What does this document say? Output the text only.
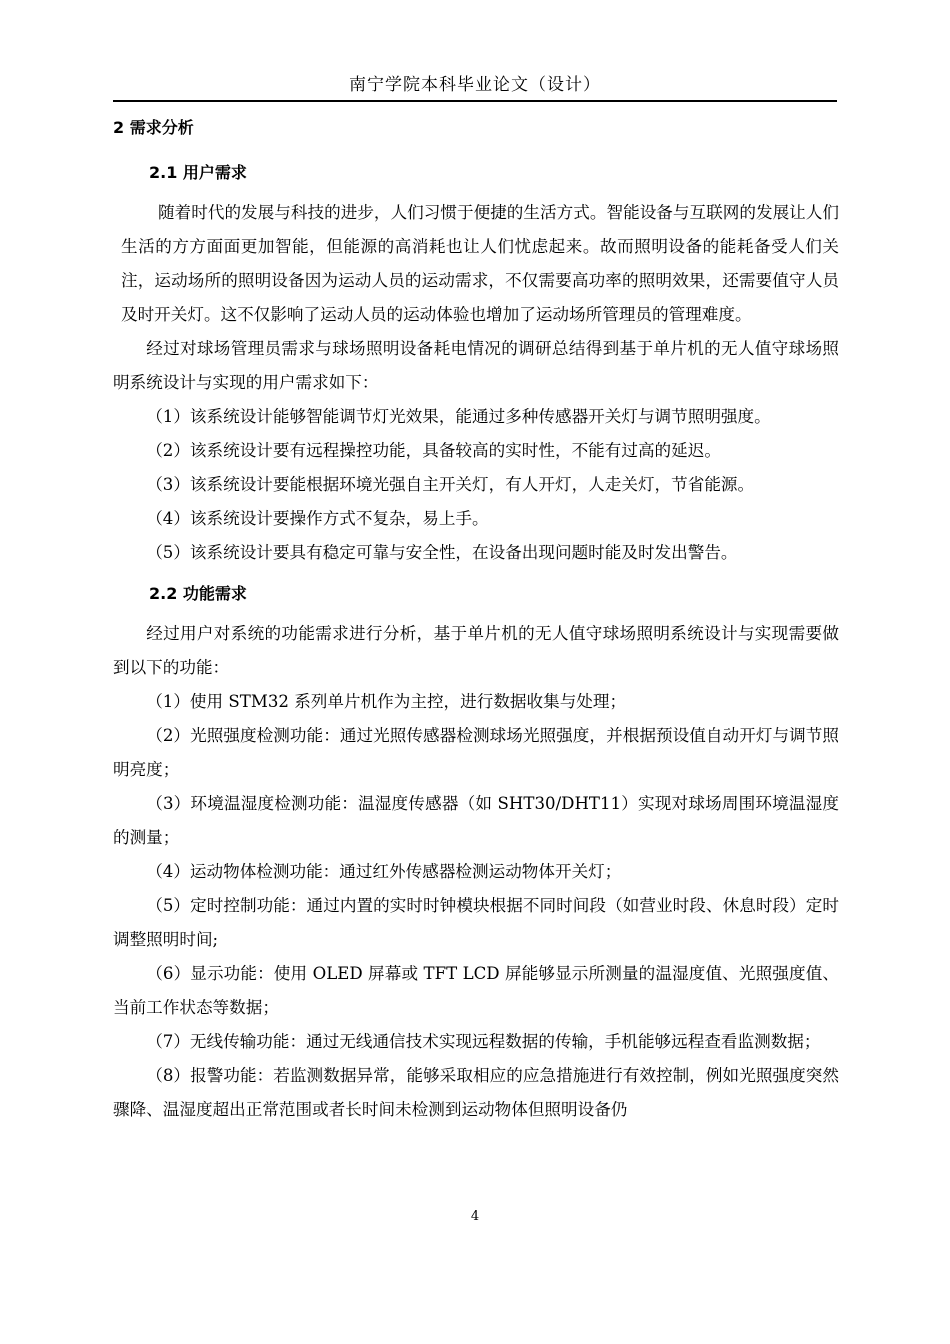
南宁学院本科毕业论文（设计）
2 需求分析
2.1 用户需求

随着时代的发展与科技的进步，人们习惯于便捷的生活方式。智能设备与互联网的发展让人们生活的方方面面更加智能，但能源的高消耗也让人们忧虑起来。故而照明设备的能耗备受人们关注，运动场所的照明设备因为运动人员的运动需求，不仅需要高功率的照明效果，还需要值守人员及时开关灯。这不仅影响了运动人员的运动体验也增加了运动场所管理员的管理难度。

经过对球场管理员需求与球场照明设备耗电情况的调研总结得到基于单片机的无人值守球场照明系统设计与实现的用户需求如下：

（1）该系统设计能够智能调节灯光效果，能通过多种传感器开关灯与调节照明强度。

（2）该系统设计要有远程操控功能，具备较高的实时性，不能有过高的延迟。

（3）该系统设计要能根据环境光强自主开关灯，有人开灯，人走关灯，节省能源。

（4）该系统设计要操作方式不复杂，易上手。

（5）该系统设计要具有稳定可靠与安全性，在设备出现问题时能及时发出警告。

2.2 功能需求

经过用户对系统的功能需求进行分析，基于单片机的无人值守球场照明系统设计与实现需要做到以下的功能：

（1）使用 STM32 系列单片机作为主控，进行数据收集与处理；

（2）光照强度检测功能：通过光照传感器检测球场光照强度，并根据预设值自动开灯与调节照明亮度；

（3）环境温湿度检测功能：温湿度传感器（如 SHT30/DHT11）实现对球场周围环境温湿度的测量；

（4）运动物体检测功能：通过红外传感器检测运动物体开关灯；

（5）定时控制功能：通过内置的实时时钟模块根据不同时间段（如营业时段、休息时段）定时调整照明时间;

（6）显示功能：使用 OLED 屏幕或 TFT LCD 屏能够显示所测量的温湿度值、光照强度值、当前工作状态等数据；

（7）无线传输功能：通过无线通信技术实现远程数据的传输，手机能够远程查看监测数据；

（8）报警功能：若监测数据异常，能够采取相应的应急措施进行有效控制，例如光照强度突然骤降、温湿度超出正常范围或者长时间未检测到运动物体但照明设备仍

4
